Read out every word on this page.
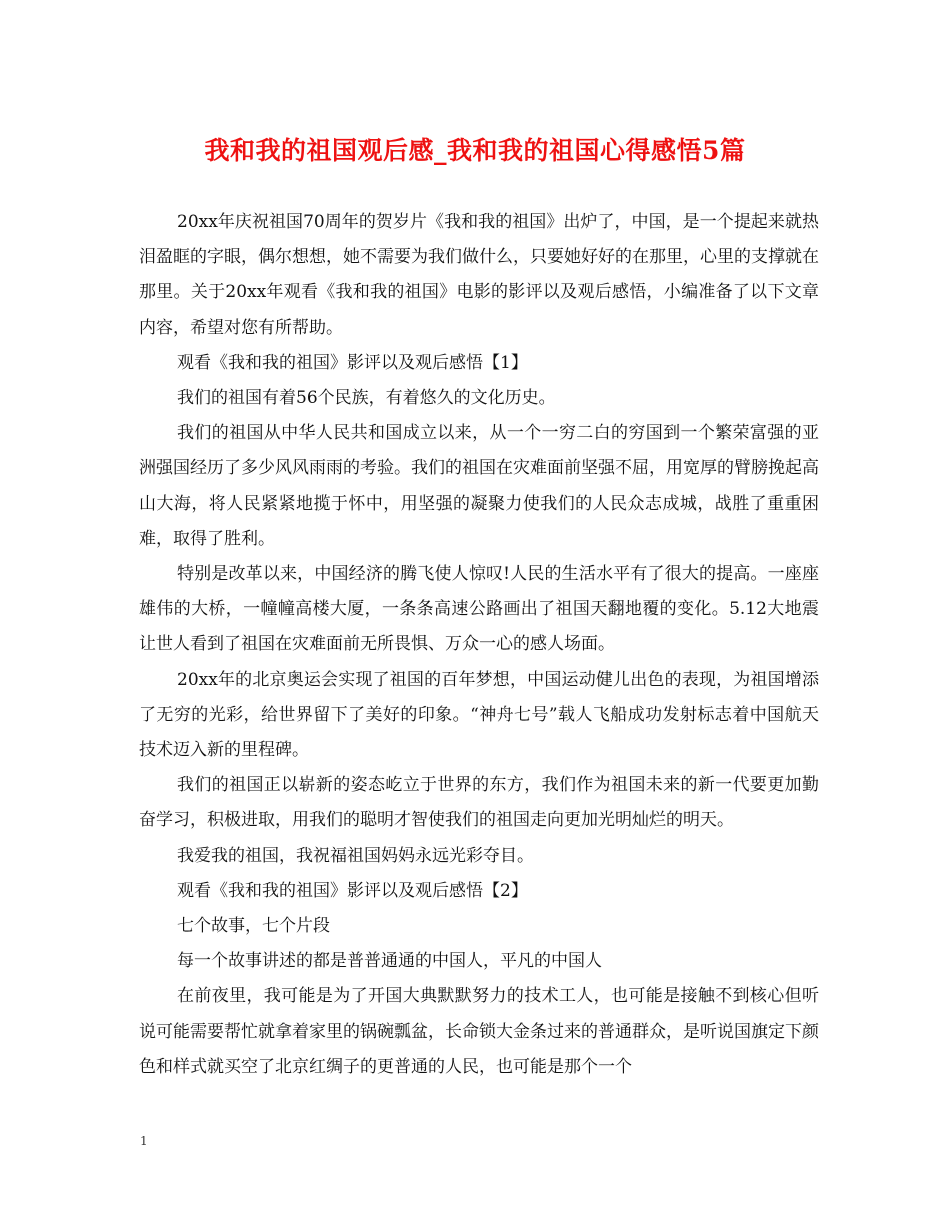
我和我的祖国观后感_我和我的祖国心得感悟5篇

20xx年庆祝祖国70周年的贺岁片《我和我的祖国》出炉了，中国，是一个提起来就热泪盈眶的字眼，偶尔想想，她不需要为我们做什么，只要她好好的在那里，心里的支撑就在那里。关于20xx年观看《我和我的祖国》电影的影评以及观后感悟，小编准备了以下文章内容，希望对您有所帮助。

观看《我和我的祖国》影评以及观后感悟【1】

我们的祖国有着56个民族，有着悠久的文化历史。

我们的祖国从中华人民共和国成立以来，从一个一穷二白的穷国到一个繁荣富强的亚洲强国经历了多少风风雨雨的考验。我们的祖国在灾难面前坚强不屈，用宽厚的臂膀挽起高山大海，将人民紧紧地揽于怀中，用坚强的凝聚力使我们的人民众志成城，战胜了重重困难，取得了胜利。

特别是改革以来，中国经济的腾飞使人惊叹!人民的生活水平有了很大的提高。一座座雄伟的大桥，一幢幢高楼大厦，一条条高速公路画出了祖国天翻地覆的变化。5.12大地震让世人看到了祖国在灾难面前无所畏惧、万众一心的感人场面。

20xx年的北京奥运会实现了祖国的百年梦想，中国运动健儿出色的表现，为祖国增添了无穷的光彩，给世界留下了美好的印象。“神舟七号”载人飞船成功发射标志着中国航天技术迈入新的里程碑。

我们的祖国正以崭新的姿态屹立于世界的东方，我们作为祖国未来的新一代要更加勤奋学习，积极进取，用我们的聪明才智使我们的祖国走向更加光明灿烂的明天。

我爱我的祖国，我祝福祖国妈妈永远光彩夺目。

观看《我和我的祖国》影评以及观后感悟【2】

七个故事，七个片段

每一个故事讲述的都是普普通通的中国人，平凡的中国人

在前夜里，我可能是为了开国大典默默努力的技术工人，也可能是接触不到核心但听说可能需要帮忙就拿着家里的锅碗瓢盆，长命锁大金条过来的普通群众，是听说国旗定下颜色和样式就买空了北京红绸子的更普通的人民，也可能是那个一个

1
